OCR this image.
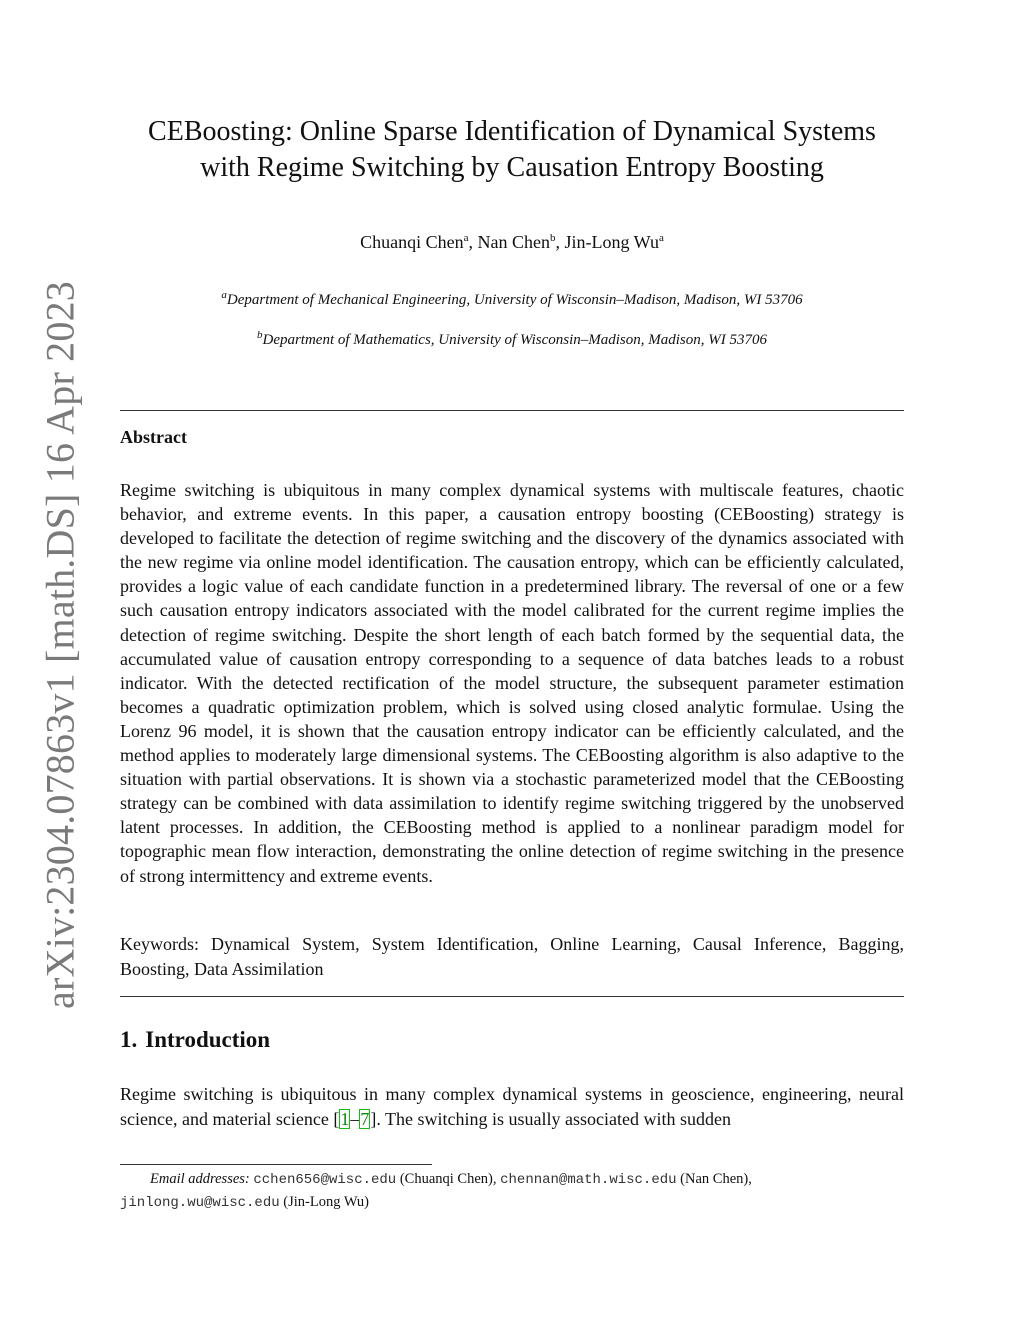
arXiv:2304.07863v1 [math.DS] 16 Apr 2023
CEBoosting: Online Sparse Identification of Dynamical Systems
with Regime Switching by Causation Entropy Boosting
Chuanqi Chen$^a$, Nan Chen$^b$, Jin-Long Wu$^a$
$^a$Department of Mechanical Engineering, University of Wisconsin–Madison, Madison, WI 53706
$^b$Department of Mathematics, University of Wisconsin–Madison, Madison, WI 53706
Abstract
Regime switching is ubiquitous in many complex dynamical systems with multiscale features, chaotic behavior, and extreme events. In this paper, a causation entropy boosting (CEBoosting) strategy is developed to facilitate the detection of regime switching and the discovery of the dynamics associated with the new regime via online model identification. The causation entropy, which can be efficiently calculated, provides a logic value of each candidate function in a predetermined library. The reversal of one or a few such causation entropy indicators associated with the model calibrated for the current regime implies the detection of regime switching. Despite the short length of each batch formed by the sequential data, the accumulated value of causation entropy corresponding to a sequence of data batches leads to a robust indicator. With the detected rectification of the model structure, the subsequent parameter estimation becomes a quadratic optimization problem, which is solved using closed analytic formulae. Using the Lorenz 96 model, it is shown that the causation entropy indicator can be efficiently calculated, and the method applies to moderately large dimensional systems. The CEBoosting algorithm is also adaptive to the situation with partial observations. It is shown via a stochastic parameterized model that the CEBoosting strategy can be combined with data assimilation to identify regime switching triggered by the unobserved latent processes. In addition, the CEBoosting method is applied to a nonlinear paradigm model for topographic mean flow interaction, demonstrating the online detection of regime switching in the presence of strong intermittency and extreme events.
Keywords: Dynamical System, System Identification, Online Learning, Causal Inference, Bagging, Boosting, Data Assimilation
1. Introduction
Regime switching is ubiquitous in many complex dynamical systems in geoscience, engineering, neural science, and material science [1–7]. The switching is usually associated with sudden
Email addresses: cchen656@wisc.edu (Chuanqi Chen), chennan@math.wisc.edu (Nan Chen),
jinlong.wu@wisc.edu (Jin-Long Wu)
